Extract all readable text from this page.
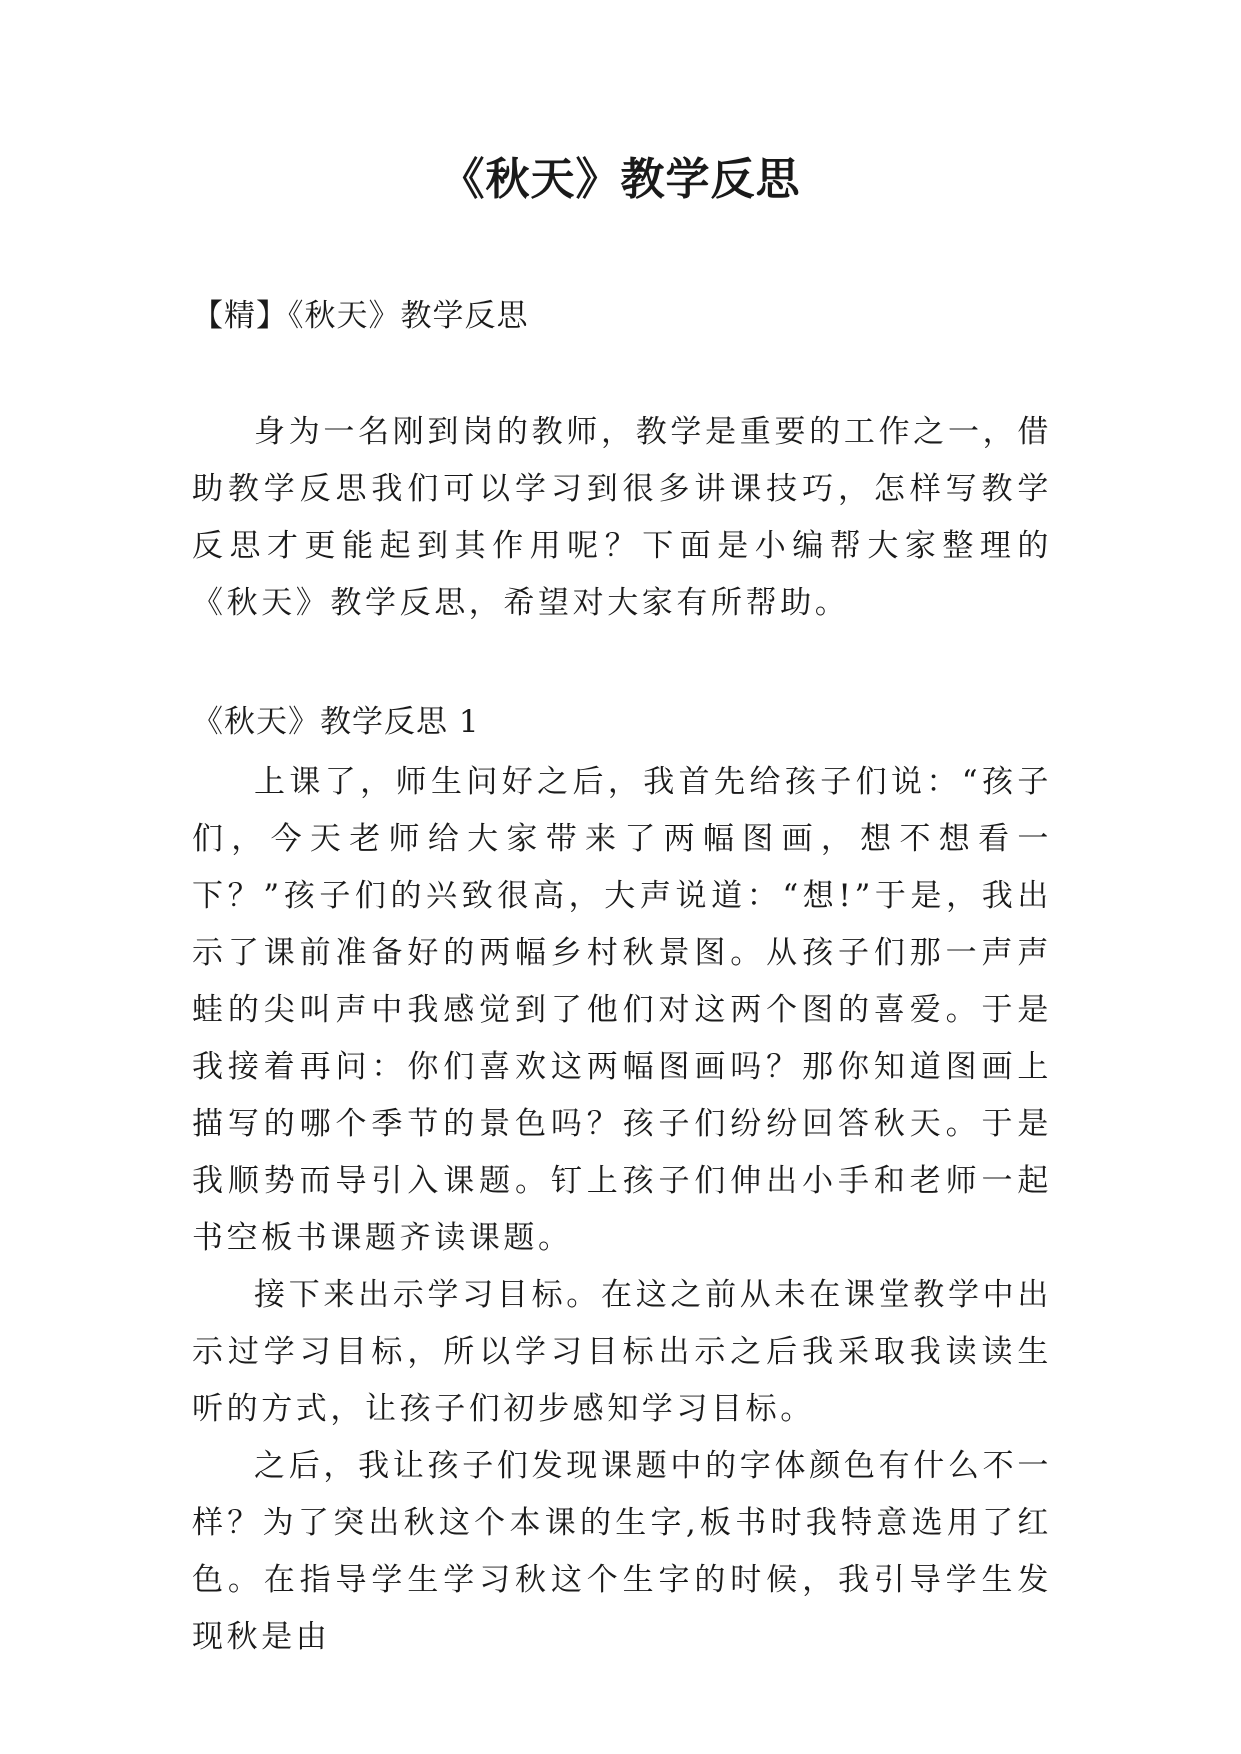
《秋天》教学反思

【精】《秋天》教学反思

身为一名刚到岗的教师，教学是重要的工作之一，借助教学反思我们可以学习到很多讲课技巧，怎样写教学反思才更能起到其作用呢？下面是小编帮大家整理的《秋天》教学反思，希望对大家有所帮助。

《秋天》教学反思 1

上课了，师生问好之后，我首先给孩子们说：“孩子们，今天老师给大家带来了两幅图画，想不想看一下？”孩子们的兴致很高，大声说道：“想!”于是，我出示了课前准备好的两幅乡村秋景图。从孩子们那一声声蛙的尖叫声中我感觉到了他们对这两个图的喜爱。于是我接着再问：你们喜欢这两幅图画吗？那你知道图画上描写的哪个季节的景色吗？孩子们纷纷回答秋天。于是我顺势而导引入课题。钉上孩子们伸出小手和老师一起书空板书课题齐读课题。

接下来出示学习目标。在这之前从未在课堂教学中出示过学习目标，所以学习目标出示之后我采取我读读生听的方式，让孩子们初步感知学习目标。

之后，我让孩子们发现课题中的字体颜色有什么不一样？为了突出秋这个本课的生字,板书时我特意选用了红色。在指导学生学习秋这个生字的时候，我引导学生发现秋是由
